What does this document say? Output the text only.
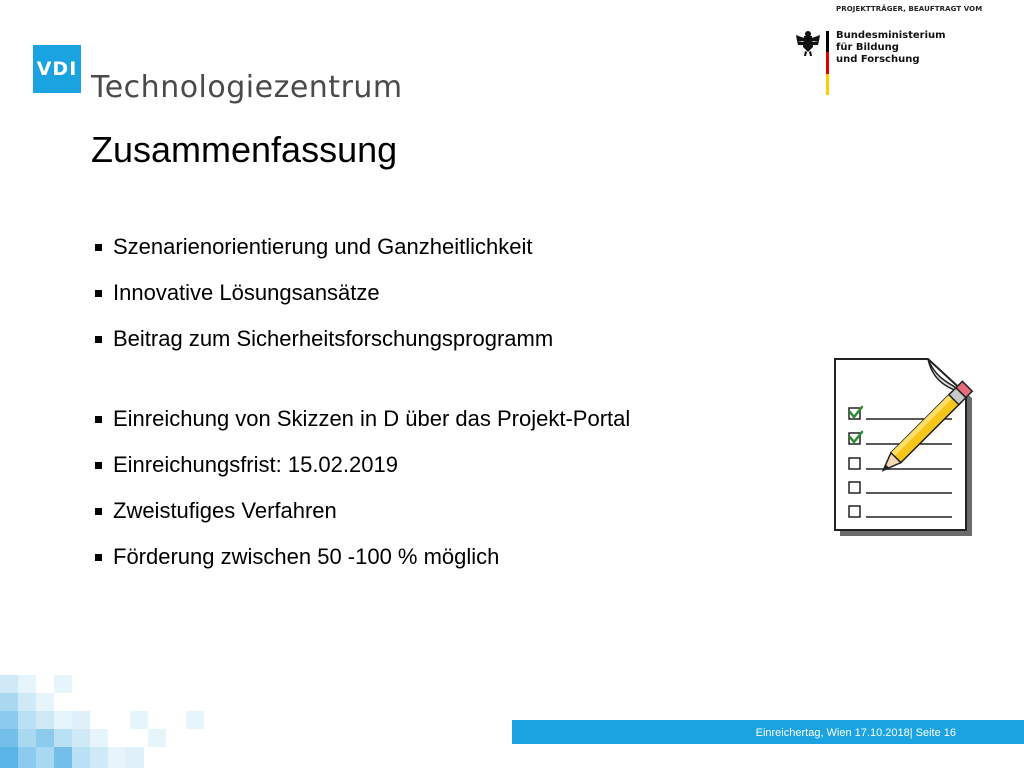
VDI
Technologiezentrum
PROJEKTTRÄGER, BEAUFTRAGT VOM
Bundesministerium
für Bildung
und Forschung
Zusammenfassung
Szenarienorientierung und Ganzheitlichkeit
Innovative Lösungsansätze
Beitrag zum Sicherheitsforschungsprogramm
Einreichung von Skizzen in D über das Projekt-Portal
Einreichungsfrist: 15.02.2019
Zweistufiges Verfahren
Förderung zwischen 50 -100 % möglich
Einreichertag, Wien 17.10.2018| Seite 16
